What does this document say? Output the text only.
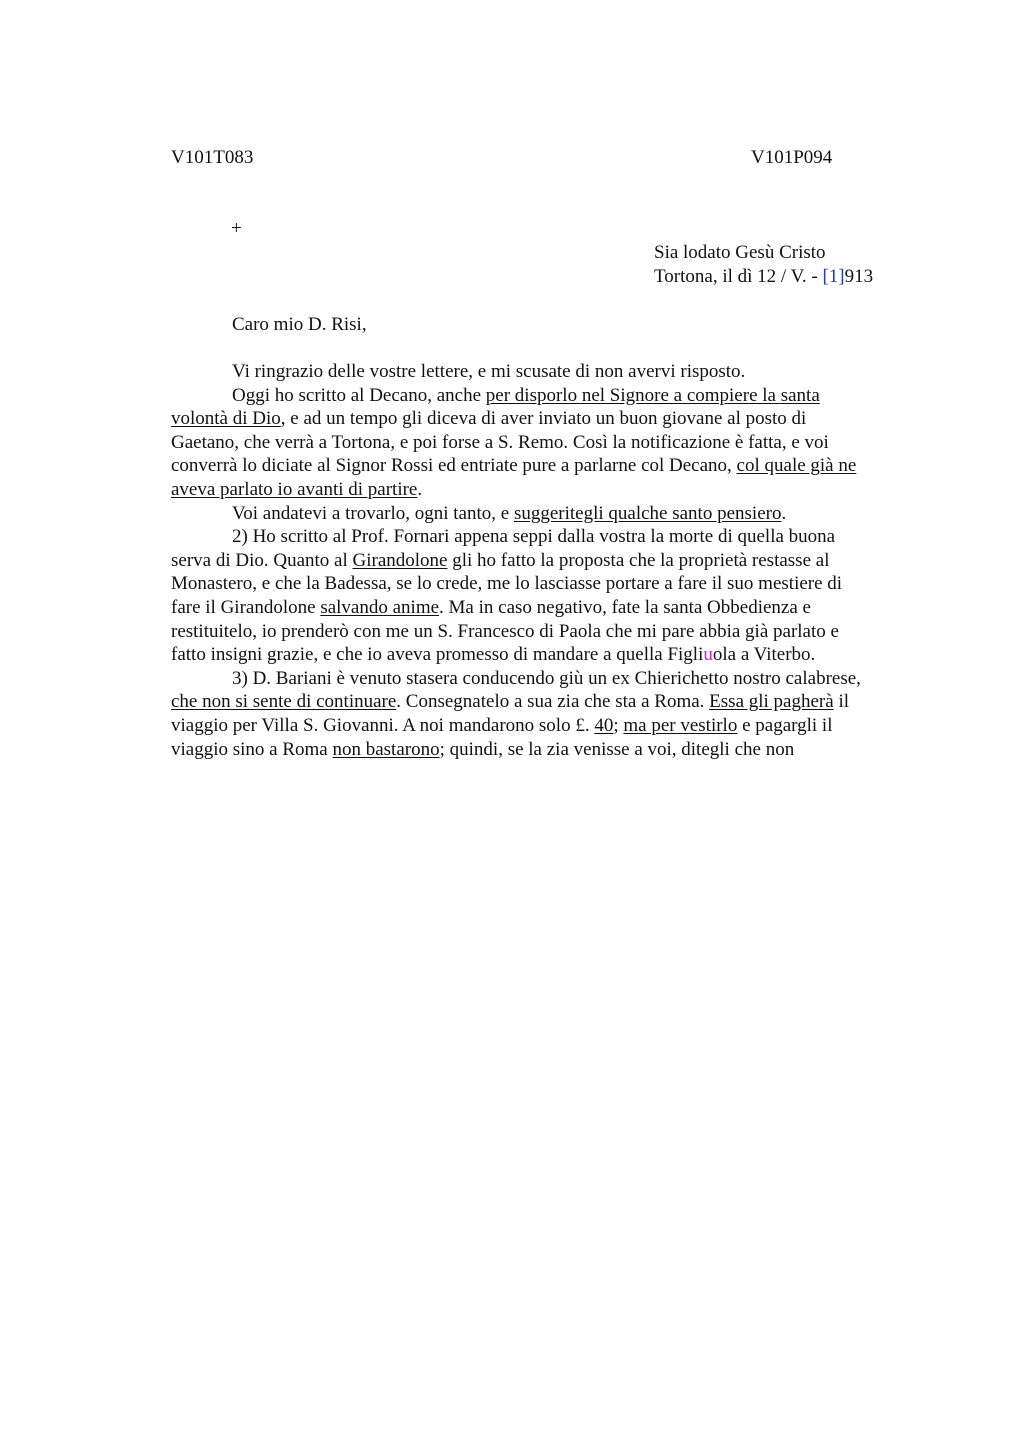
V101T083	V101P094
+
Sia lodato Gesù Cristo
Tortona, il dì 12 / V. - [1]913
Caro mio D. Risi,
Vi ringrazio delle vostre lettere, e mi scusate di non avervi risposto.
Oggi ho scritto al Decano, anche per disporlo nel Signore a compiere la santa
volontà di Dio, e ad un tempo gli diceva di aver inviato un buon giovane al posto di
Gaetano, che verrà a Tortona, e poi forse a S. Remo. Così la notificazione è fatta, e voi
converrà lo diciate al Signor Rossi ed entriate pure a parlarne col Decano, col quale già ne
aveva parlato io avanti di partire.
Voi andatevi a trovarlo, ogni tanto, e suggeritegli qualche santo pensiero.
2) Ho scritto al Prof. Fornari appena seppi dalla vostra la morte di quella buona
serva di Dio. Quanto al Girandolone gli ho fatto la proposta che la proprietà restasse al
Monastero, e che la Badessa, se lo crede, me lo lasciasse portare a fare il suo mestiere di
fare il Girandolone salvando anime. Ma in caso negativo, fate la santa Obbedienza e
restituitelo, io prenderò con me un S. Francesco di Paola che mi pare abbia già parlato e
fatto insigni grazie, e che io aveva promesso di mandare a quella Figliuola a Viterbo.
3) D. Bariani è venuto stasera conducendo giù un ex Chierichetto nostro calabrese,
che non si sente di continuare. Consegnatelo a sua zia che sta a Roma. Essa gli pagherà il
viaggio per Villa S. Giovanni. A noi mandarono solo £. 40; ma per vestirlo e pagargli il
viaggio sino a Roma non bastarono; quindi, se la zia venisse a voi, ditegli che non
